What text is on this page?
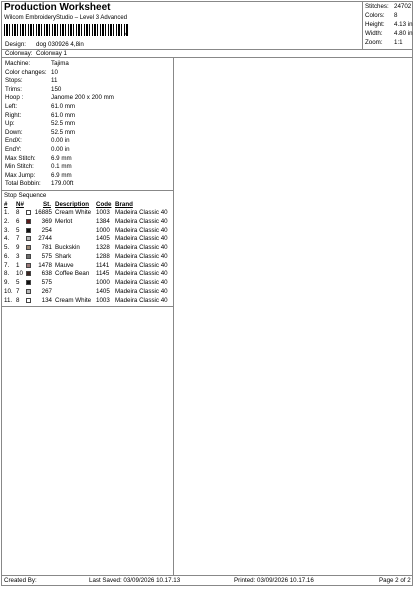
Production Worksheet
Wilcom EmbroideryStudio – Level 3 Advanced
*
Stitches: 24702
Colors: 8
Height: 4.13 in
Width: 4.80 in
Zoom: 1:1
Design: dog 030926 4,8in
Colorway: Colorway 1
Machine:	Tajima
Color changes: 10
Stops:	11
Trims:	150
Hoop :	Janome 200 x 200 mm
Left:	61.0 mm
Right:	61.0 mm
Up:	52.5 mm
Down:	52.5 mm
EndX:	0.00 in
EndY:	0.00 in
Max Stitch: 6.9 mm
Min Stitch:	0.1 mm
Max Jump:	6.9 mm
Total Bobbin: 179.00ft
Stop Sequence
# N#	St. Description Code Brand
1. 8	16885 Cream White 1003 Madeira Classic 40
2. 6	369 Merlot	1384 Madeira Classic 40
3. 5	254	1000 Madeira Classic 40
4. 7	2744	1405 Madeira Classic 40
5. 9	781 Buckskin	1328 Madeira Classic 40
6. 3	575 Shark	1288 Madeira Classic 40
7. 1	1478 Mauve	1141 Madeira Classic 40
8. 10	638 Coffee Bean 1145 Madeira Classic 40
9. 5	575	1000 Madeira Classic 40
10. 7	267	1405 Madeira Classic 40
11. 8	134 Cream White 1003 Madeira Classic 40
Created By:	Last Saved: 03/09/2026 10.17.13	Printed: 03/09/2026 10.17.16	Page 2 of 2
